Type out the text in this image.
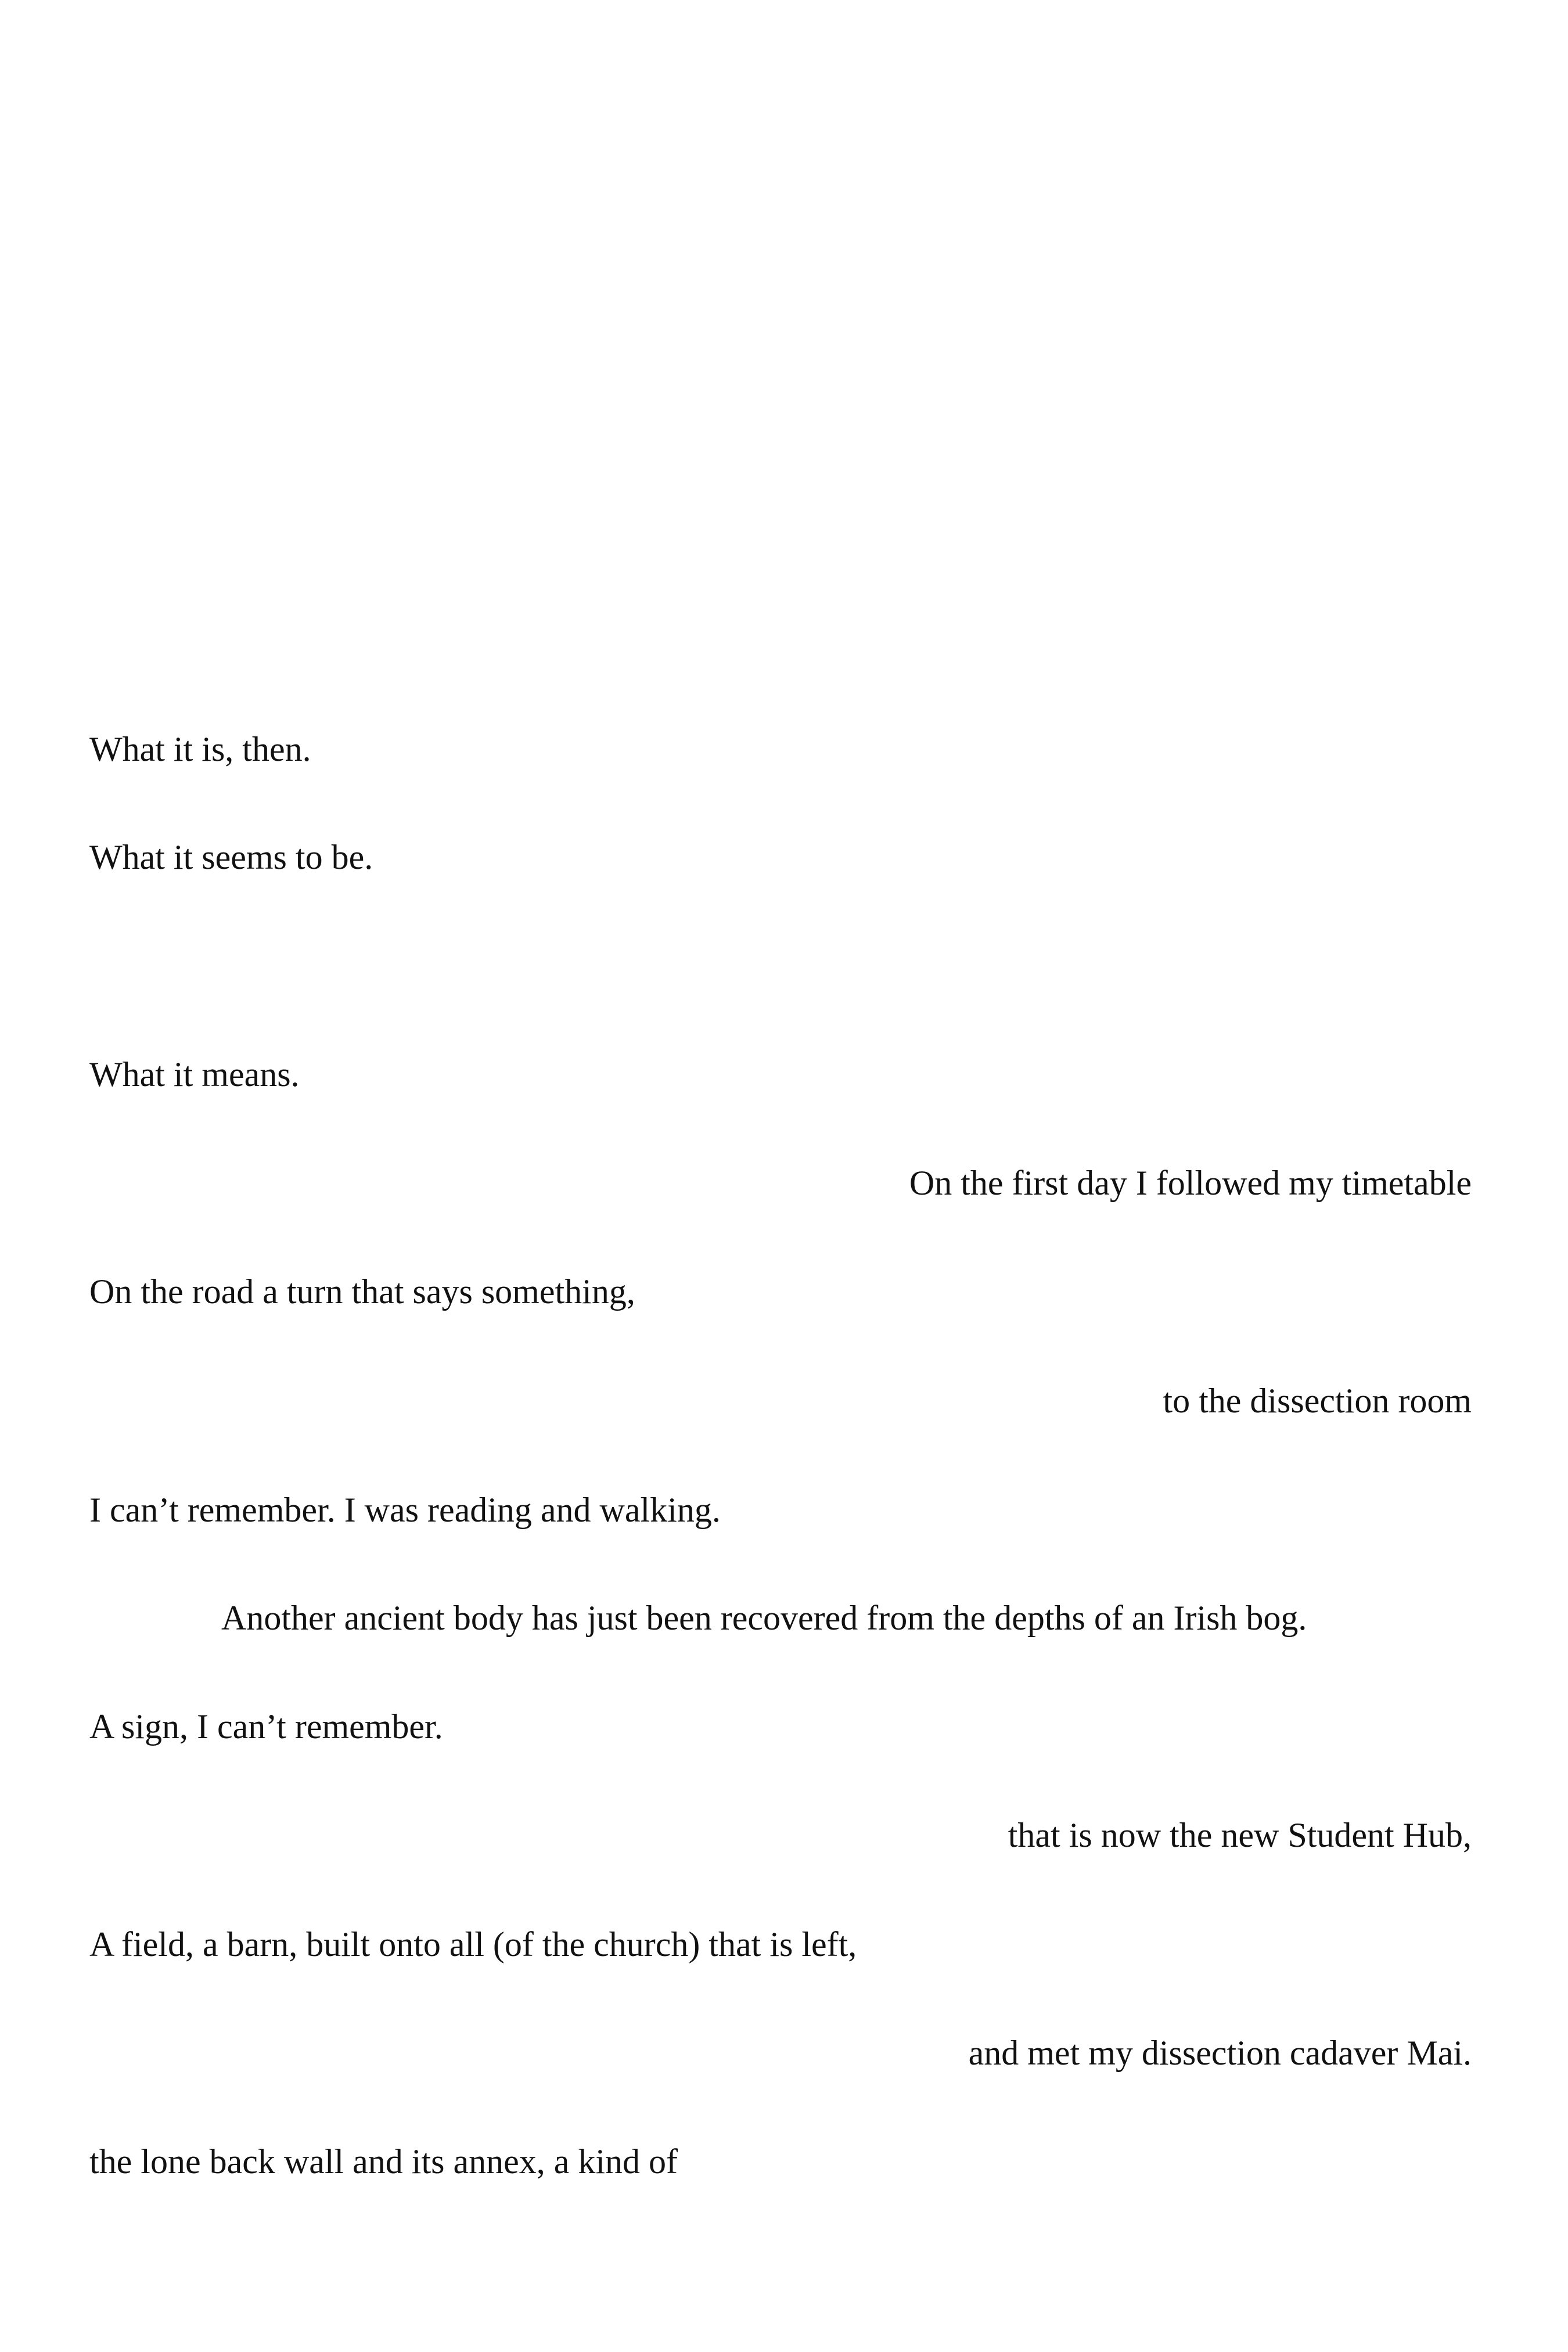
What it is, then.

What it seems to be.

What it means.

On the first day I followed my timetable

On the road a turn that says something,

to the dissection room

I can’t remember. I was reading and walking.

Another ancient body has just been recovered from the depths of an Irish bog.

A sign, I can’t remember.

that is now the new Student Hub,

A field, a barn, built onto all (of the church) that is left,

and met my dissection cadaver Mai.

the lone back wall and its annex, a kind of
